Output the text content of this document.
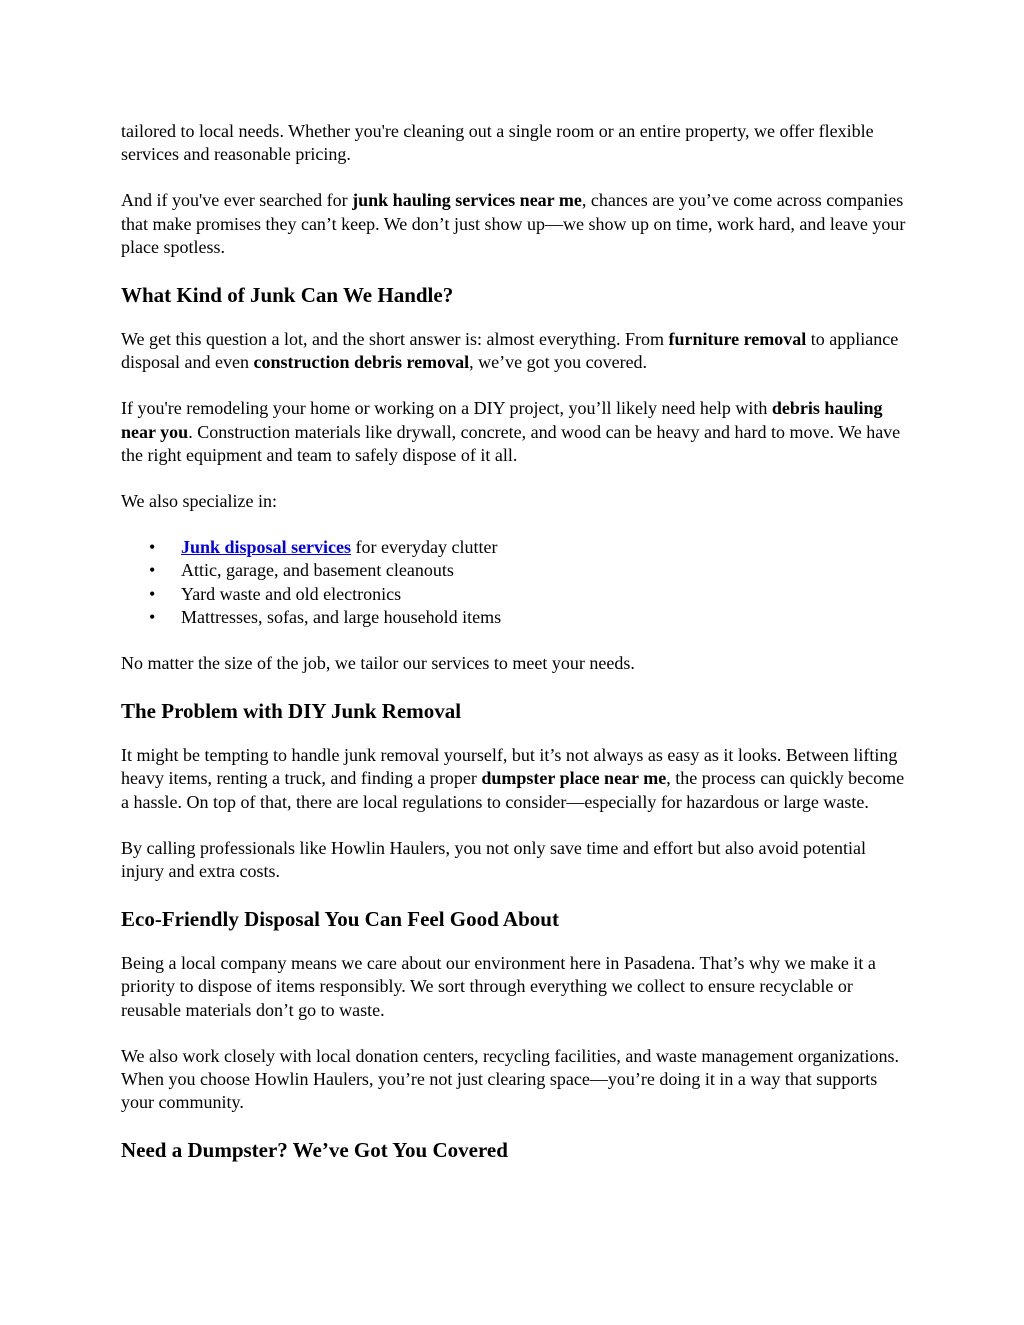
tailored to local needs. Whether you're cleaning out a single room or an entire property, we offer flexible services and reasonable pricing.

And if you've ever searched for junk hauling services near me, chances are you’ve come across companies that make promises they can’t keep. We don’t just show up—we show up on time, work hard, and leave your place spotless.

What Kind of Junk Can We Handle?

We get this question a lot, and the short answer is: almost everything. From furniture removal to appliance disposal and even construction debris removal, we’ve got you covered.

If you're remodeling your home or working on a DIY project, you’ll likely need help with debris hauling near you. Construction materials like drywall, concrete, and wood can be heavy and hard to move. We have the right equipment and team to safely dispose of it all.

We also specialize in:

• Junk disposal services for everyday clutter
• Attic, garage, and basement cleanouts
• Yard waste and old electronics
• Mattresses, sofas, and large household items

No matter the size of the job, we tailor our services to meet your needs.

The Problem with DIY Junk Removal

It might be tempting to handle junk removal yourself, but it’s not always as easy as it looks. Between lifting heavy items, renting a truck, and finding a proper dumpster place near me, the process can quickly become a hassle. On top of that, there are local regulations to consider—especially for hazardous or large waste.

By calling professionals like Howlin Haulers, you not only save time and effort but also avoid potential injury and extra costs.

Eco-Friendly Disposal You Can Feel Good About

Being a local company means we care about our environment here in Pasadena. That’s why we make it a priority to dispose of items responsibly. We sort through everything we collect to ensure recyclable or reusable materials don’t go to waste.

We also work closely with local donation centers, recycling facilities, and waste management organizations. When you choose Howlin Haulers, you’re not just clearing space—you’re doing it in a way that supports your community.

Need a Dumpster? We’ve Got You Covered
